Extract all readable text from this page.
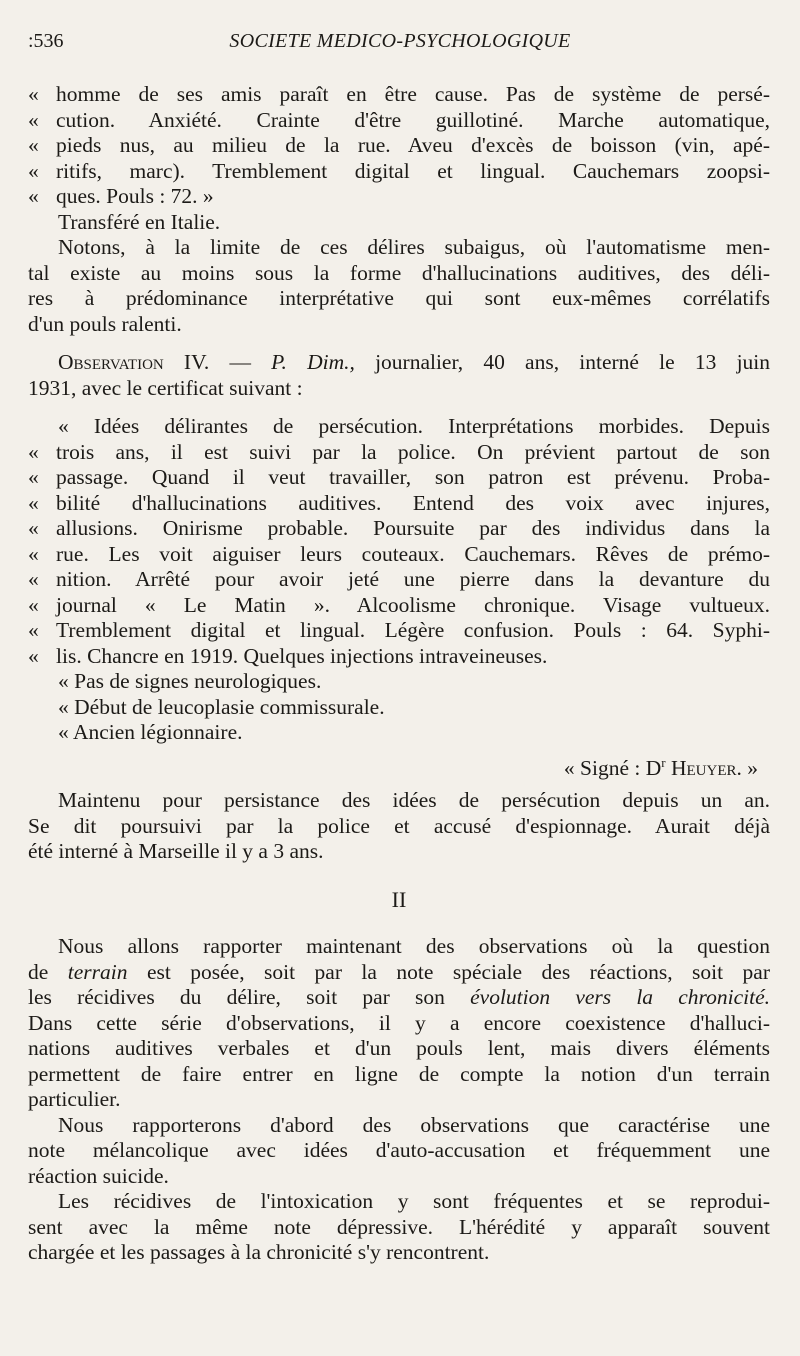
:536	SOCIETE MEDICO-PSYCHOLOGIQUE
« homme de ses amis paraît en être cause. Pas de système de persé-
« cution. Anxiété. Crainte d'être guillotiné. Marche automatique,
« pieds nus, au milieu de la rue. Aveu d'excès de boisson (vin, apé-
« ritifs, marc). Tremblement digital et lingual. Cauchemars zoopsi-
« ques. Pouls : 72. »
Transféré en Italie.
Notons, à la limite de ces délires subaigus, où l'automatisme men-
tal existe au moins sous la forme d'hallucinations auditives, des déli-
res à prédominance interprétative qui sont eux-mêmes corrélatifs
d'un pouls ralenti.
Observation IV. — P. Dim., journalier, 40 ans, interné le 13 juin
1931, avec le certificat suivant :
« Idées délirantes de persécution. Interprétations morbides. Depuis
« trois ans, il est suivi par la police. On prévient partout de son
« passage. Quand il veut travailler, son patron est prévenu. Proba-
« bilité d'hallucinations auditives. Entend des voix avec injures,
« allusions. Onirisme probable. Poursuite par des individus dans la
« rue. Les voit aiguiser leurs couteaux. Cauchemars. Rêves de prémo-
« nition. Arrêté pour avoir jeté une pierre dans la devanture du
« journal « Le Matin ». Alcoolisme chronique. Visage vultueux.
« Tremblement digital et lingual. Légère confusion. Pouls : 64. Syphi-
« lis. Chancre en 1919. Quelques injections intraveineuses.
« Pas de signes neurologiques.
« Début de leucoplasie commissurale.
« Ancien légionnaire.
« Signé : $D^r$ Heuyer. »
Maintenu pour persistance des idées de persécution depuis un an.
Se dit poursuivi par la police et accusé d'espionnage. Aurait déjà
été interné à Marseille il y a 3 ans.
II
Nous allons rapporter maintenant des observations où la question
de terrain est posée, soit par la note spéciale des réactions, soit par
les récidives du délire, soit par son évolution vers la chronicité.
Dans cette série d'observations, il y a encore coexistence d'halluci-
nations auditives verbales et d'un pouls lent, mais divers éléments
permettent de faire entrer en ligne de compte la notion d'un terrain
particulier.
Nous rapporterons d'abord des observations que caractérise une
note mélancolique avec idées d'auto-accusation et fréquemment une
réaction suicide.
Les récidives de l'intoxication y sont fréquentes et se reprodui-
sent avec la même note dépressive. L'hérédité y apparaît souvent
chargée et les passages à la chronicité s'y rencontrent.
